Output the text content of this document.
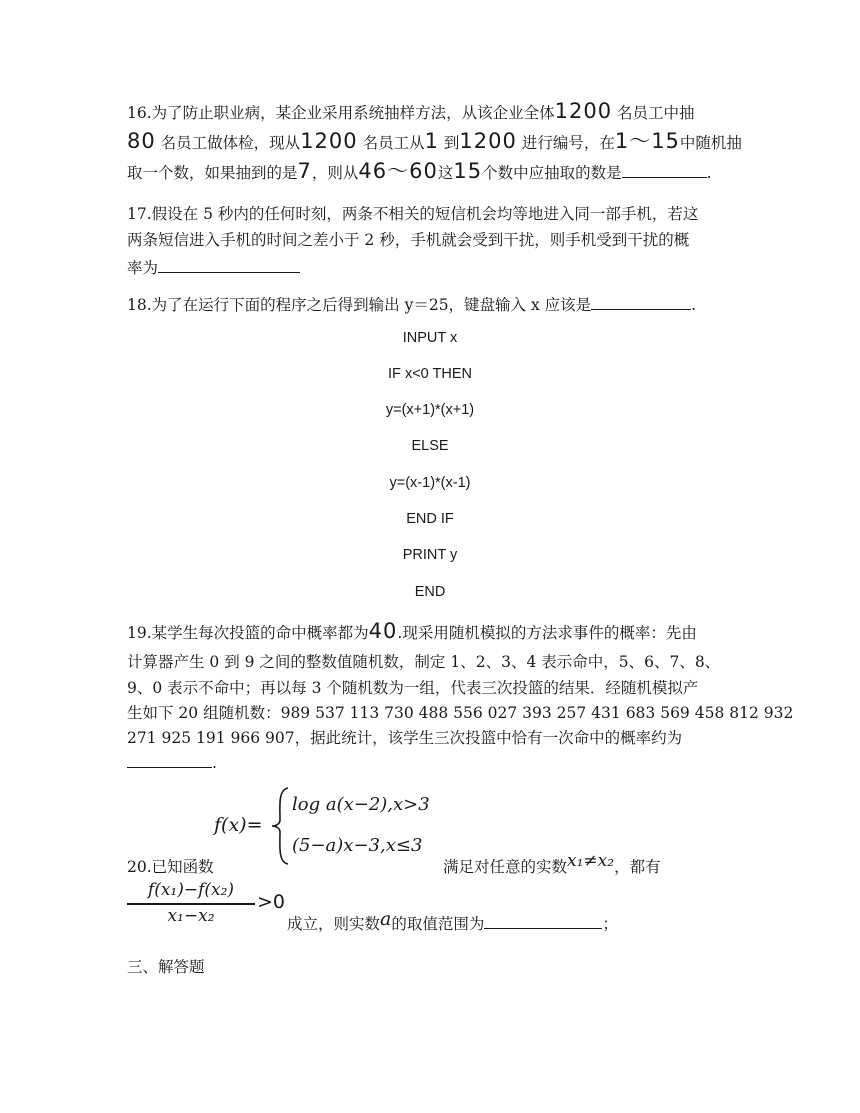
16.为了防止职业病，某企业采用系统抽样方法，从该企业全体1200 名员工中抽
80 名员工做体检，现从1200 名员工从1 到1200 进行编号，在1～15中随机抽
取一个数，如果抽到的是7，则从46～60这15个数中应抽取的数是	.
17.假设在 5 秒内的任何时刻，两条不相关的短信机会均等地进入同一部手机，若这
两条短信进入手机的时间之差小于 2 秒，手机就会受到干扰，则手机受到干扰的概
率为
18.为了在运行下面的程序之后得到输出 y＝25，键盘输入 x 应该是	.
INPUT x
IF x<0 THEN
y=(x+1)*(x+1)
ELSE
y=(x-1)*(x-1)
END IF
PRINT y
END
19.某学生每次投篮的命中概率都为40.现采用随机模拟的方法求事件的概率：先由
计算器产生 0 到 9 之间的整数值随机数，制定 1、2、3、4 表示命中，5、6、7、8、
9、0 表示不命中；再以每 3 个随机数为一组，代表三次投篮的结果．经随机模拟产
生如下 20 组随机数：989 537 113 730 488 556 027 393 257 431 683 569 458 812 932
271 925 191 966 907，据此统计，该学生三次投篮中恰有一次命中的概率约为
.
f(x)=
log a(x−2),x>3
(5−a)x−3,x≤3
20.已知函数	满足对任意的实数x₁≠x₂，都有
f(x₁)−f(x₂)
x₁−x₂
>0
成立，则实数a的取值范围为	；
三、解答题
